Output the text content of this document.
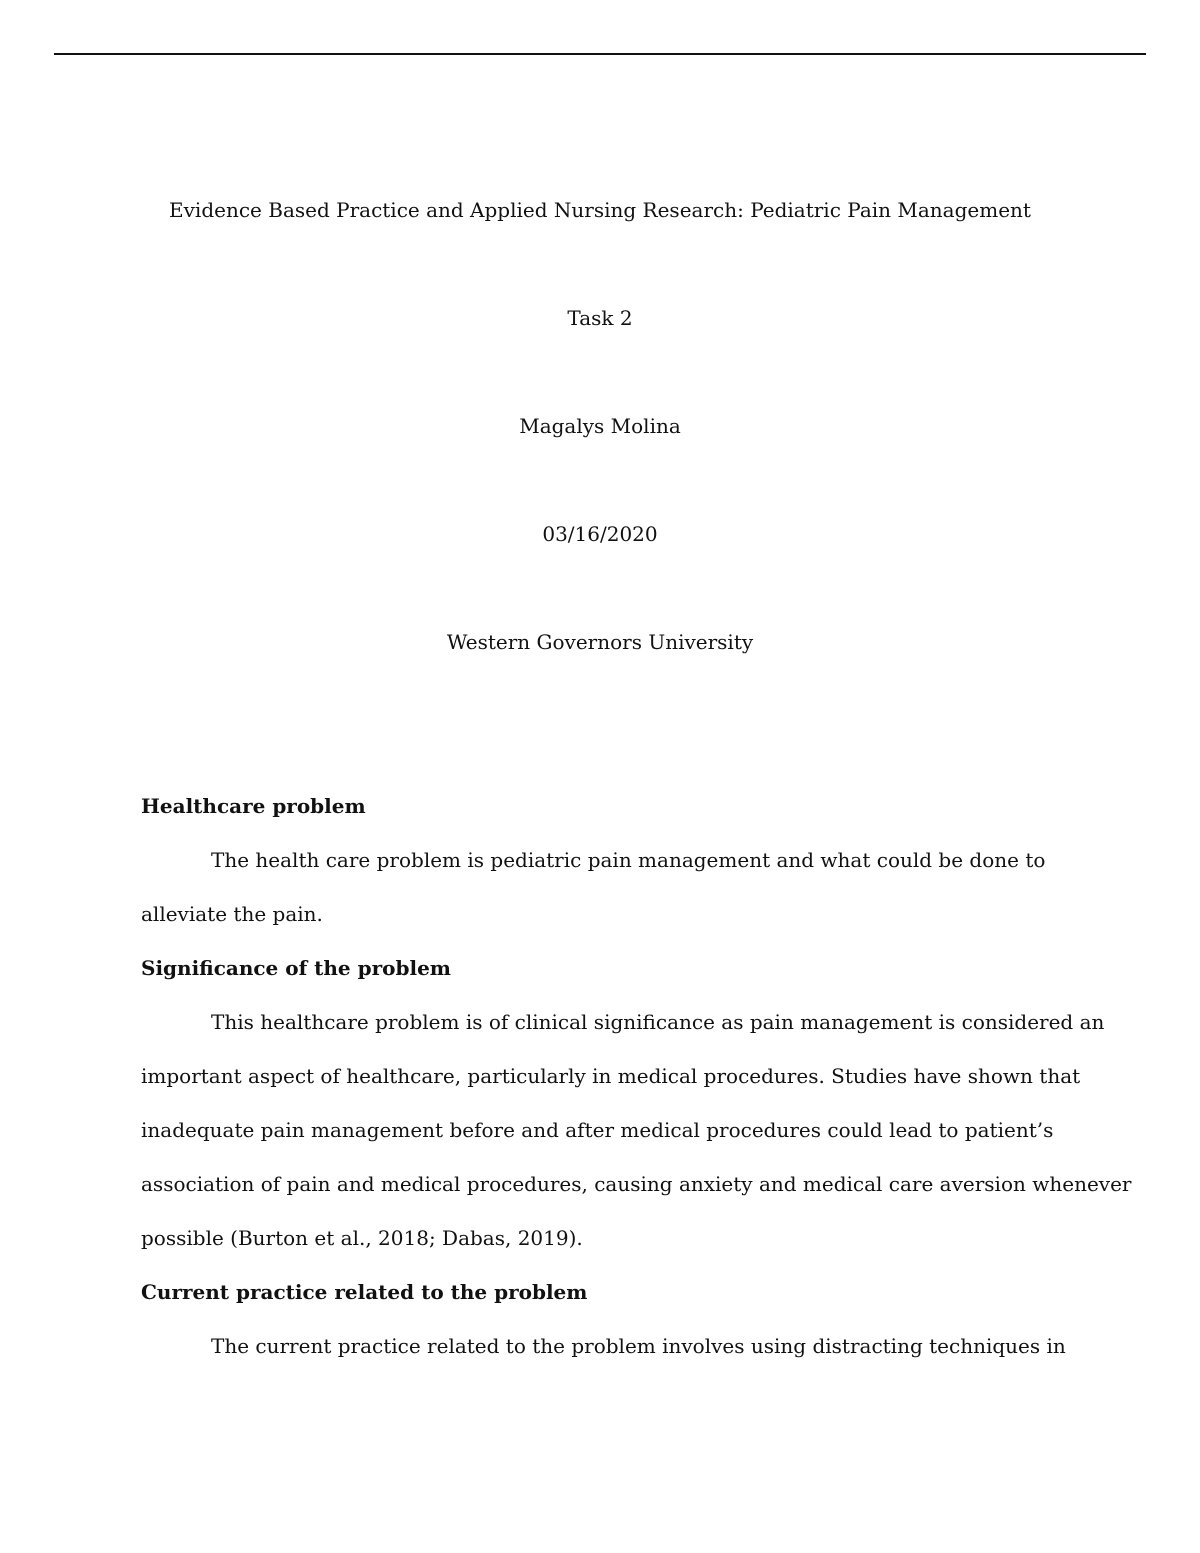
Evidence Based Practice and Applied Nursing Research: Pediatric Pain Management
Task 2
Magalys Molina
03/16/2020
Western Governors University
Healthcare problem
The health care problem is pediatric pain management and what could be done to
alleviate the pain.
Significance of the problem
This healthcare problem is of clinical significance as pain management is considered an
important aspect of healthcare, particularly in medical procedures. Studies have shown that
inadequate pain management before and after medical procedures could lead to patient’s
association of pain and medical procedures, causing anxiety and medical care aversion whenever
possible (Burton et al., 2018; Dabas, 2019).
Current practice related to the problem
The current practice related to the problem involves using distracting techniques in
